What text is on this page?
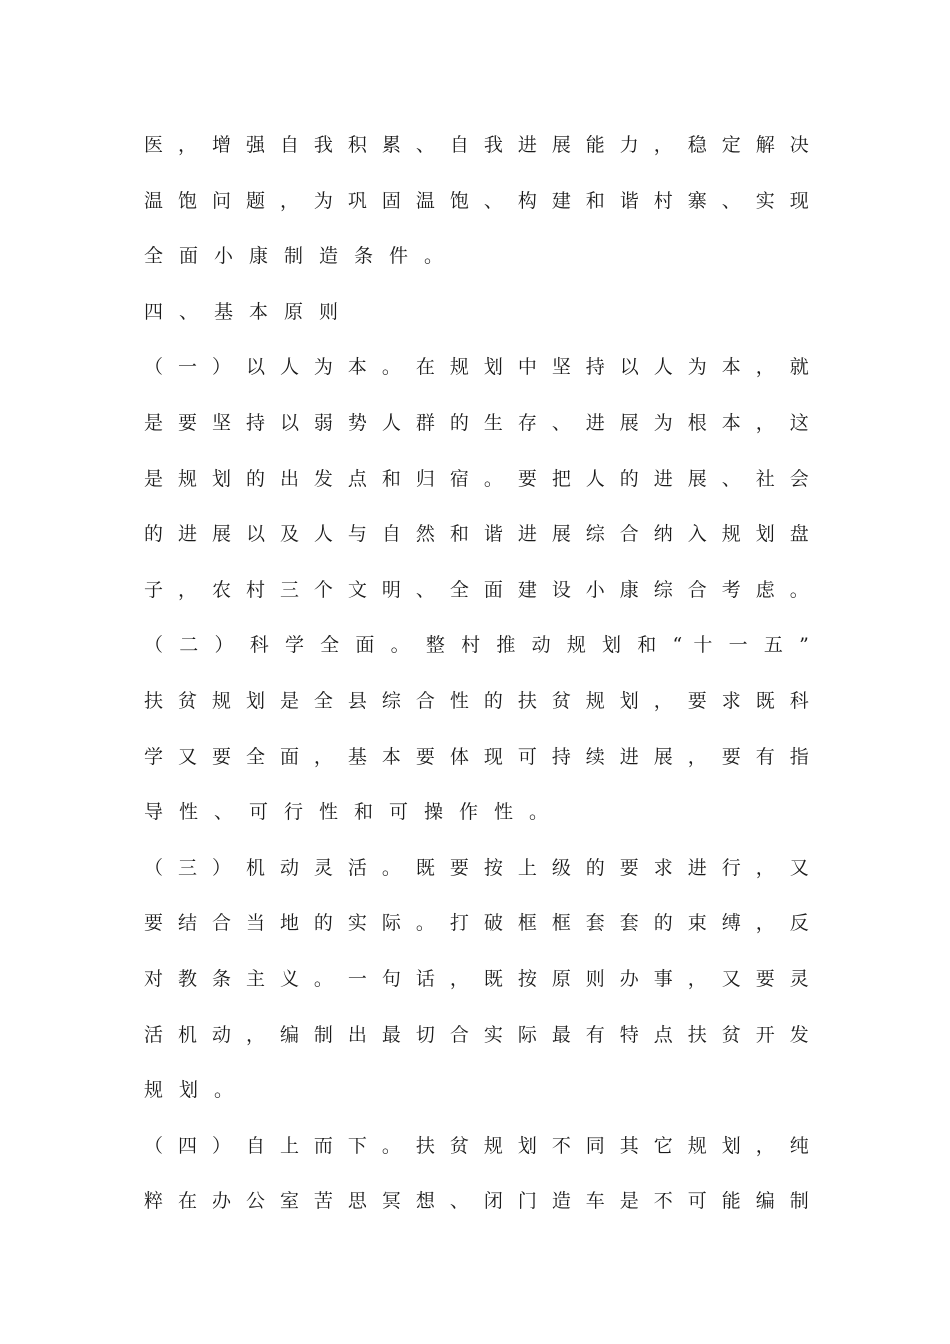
医 ， 增 强 自 我 积 累 、 自 我 进 展 能 力 ， 稳 定 解 决
温 饱 问 题 ， 为 巩 固 温 饱 、 构 建 和 谐 村 寨 、 实 现
全面小康制造条件。
四、基本原则
（ 一 ） 以 人 为 本 。 在 规 划 中 坚 持 以 人 为 本 ， 就
是 要 坚 持 以 弱 势 人 群 的 生 存 、 进 展 为 根 本 ， 这
是 规 划 的 出 发 点 和 归 宿 。 要 把 人 的 进 展 、 社 会
的 进 展 以 及 人 与 自 然 和 谐 进 展 综 合 纳 入 规 划 盘
子 ， 农 村 三 个 文 明 、 全 面 建 设 小 康 综 合 考 虑 。
（ 二 ） 科 学 全 面 。 整 村 推 动 规 划 和 “ 十 一 五 ”
扶 贫 规 划 是 全 县 综 合 性 的 扶 贫 规 划 ， 要 求 既 科
学 又 要 全 面 ， 基 本 要 体 现 可 持 续 进 展 ， 要 有 指
导性、可行性和可操作性。
（ 三 ） 机 动 灵 活 。 既 要 按 上 级 的 要 求 进 行 ， 又
要 结 合 当 地 的 实 际 。 打 破 框 框 套 套 的 束 缚 ， 反
对 教 条 主 义 。 一 句 话 ， 既 按 原 则 办 事 ， 又 要 灵
活 机 动 ， 编 制 出 最 切 合 实 际 最 有 特 点 扶 贫 开 发
规划。
（ 四 ） 自 上 而 下 。 扶 贫 规 划 不 同 其 它 规 划 ， 纯
粹 在 办 公 室 苦 思 冥 想 、 闭 门 造 车 是 不 可 能 编 制
